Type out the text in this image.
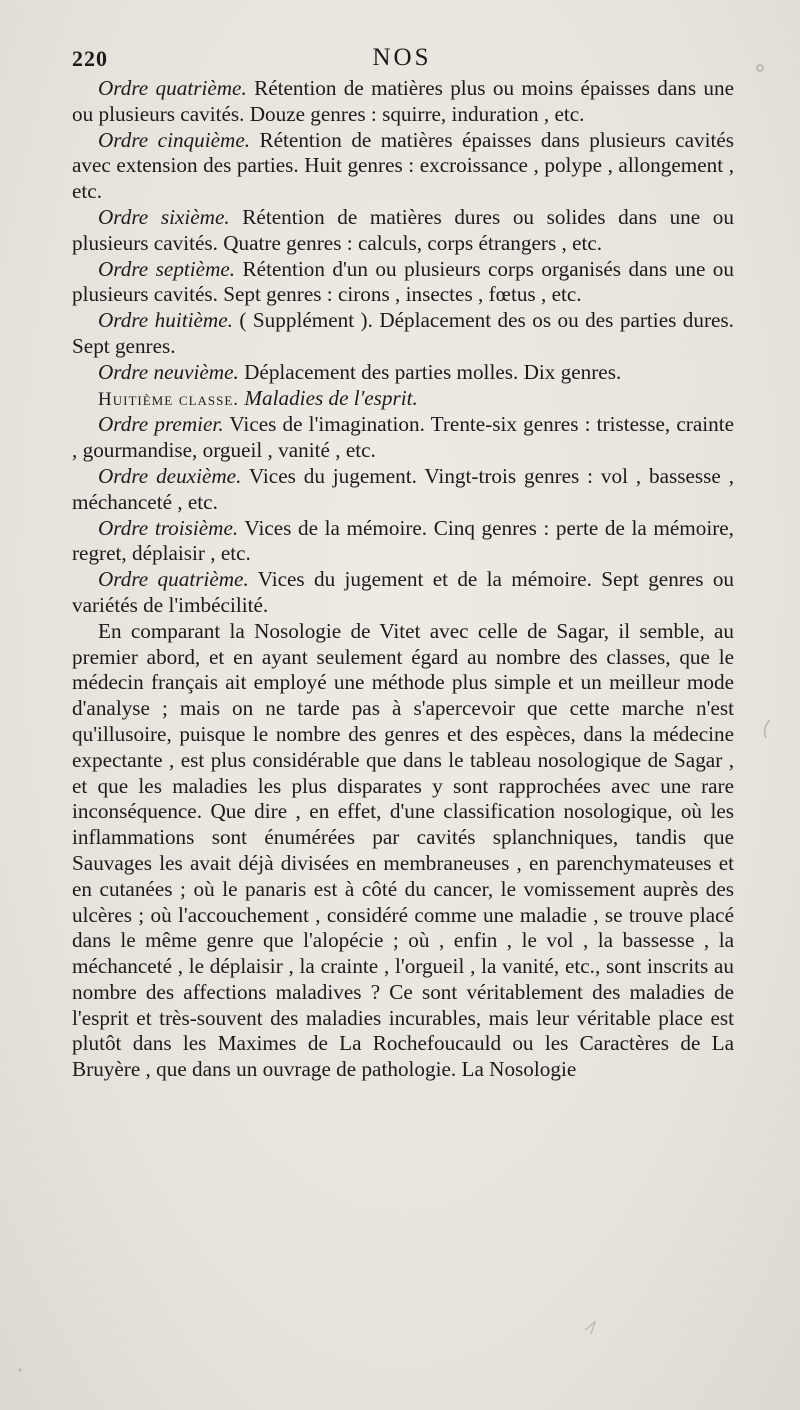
220	NOS

Ordre quatrième. Rétention de matières plus ou moins épaisses dans une ou plusieurs cavités. Douze genres : squirre, induration , etc.

Ordre cinquième. Rétention de matières épaisses dans plusieurs cavités avec extension des parties. Huit genres : excroissance , polype , allongement , etc.

Ordre sixième. Rétention de matières dures ou solides dans une ou plusieurs cavités. Quatre genres : calculs, corps étrangers , etc.

Ordre septième. Rétention d'un ou plusieurs corps organisés dans une ou plusieurs cavités. Sept genres : cirons , insectes , fœtus , etc.

Ordre huitième. ( Supplément ). Déplacement des os ou des parties dures. Sept genres.

Ordre neuvième. Déplacement des parties molles. Dix genres.

Huitième classe. Maladies de l'esprit.

Ordre premier. Vices de l'imagination. Trente-six genres : tristesse, crainte , gourmandise, orgueil , vanité , etc.

Ordre deuxième. Vices du jugement. Vingt-trois genres : vol , bassesse , méchanceté , etc.

Ordre troisième. Vices de la mémoire. Cinq genres : perte de la mémoire, regret, déplaisir , etc.

Ordre quatrième. Vices du jugement et de la mémoire. Sept genres ou variétés de l'imbécilité.

En comparant la Nosologie de Vitet avec celle de Sagar, il semble, au premier abord, et en ayant seulement égard au nombre des classes, que le médecin français ait employé une méthode plus simple et un meilleur mode d'analyse ; mais on ne tarde pas à s'apercevoir que cette marche n'est qu'illusoire, puisque le nombre des genres et des espèces, dans la médecine expectante , est plus considérable que dans le tableau nosologique de Sagar , et que les maladies les plus disparates y sont rapprochées avec une rare inconséquence. Que dire , en effet, d'une classification nosologique, où les inflammations sont énumérées par cavités splanchniques, tandis que Sauvages les avait déjà divisées en membraneuses , en parenchymateuses et en cutanées ; où le panaris est à côté du cancer, le vomissement auprès des ulcères ; où l'accouchement , considéré comme une maladie , se trouve placé dans le même genre que l'alopécie ; où , enfin , le vol , la bassesse , la méchanceté , le déplaisir , la crainte , l'orgueil , la vanité, etc., sont inscrits au nombre des affections maladives ? Ce sont véritablement des maladies de l'esprit et très-souvent des maladies incurables, mais leur véritable place est plutôt dans les Maximes de La Rochefoucauld ou les Caractères de La Bruyère , que dans un ouvrage de pathologie. La Nosologie
